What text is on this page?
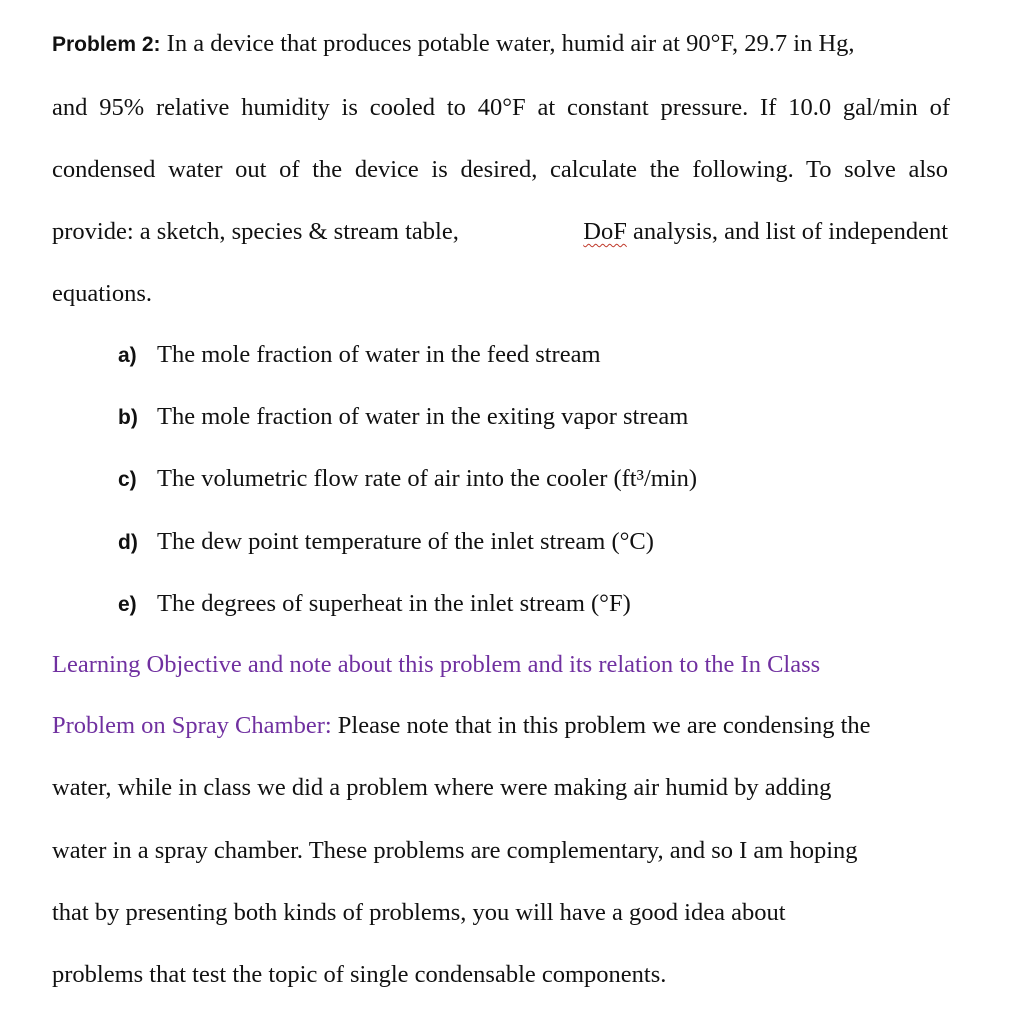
Problem 2: In a device that produces potable water, humid air at 90°F, 29.7 in Hg,
and 95% relative humidity is cooled to 40°F at constant pressure. If 10.0 gal/min of
condensed water out of the device is desired, calculate the following. To solve also
provide: a sketch, species & stream table,	DoF analysis, and list of independent
equations.
a) The mole fraction of water in the feed stream
b) The mole fraction of water in the exiting vapor stream
c) The volumetric flow rate of air into the cooler (ft³/min)
d) The dew point temperature of the inlet stream (°C)
e) The degrees of superheat in the inlet stream (°F)
Learning Objective and note about this problem and its relation to the In Class
Problem on Spray Chamber: Please note that in this problem we are condensing the
water, while in class we did a problem where were making air humid by adding
water in a spray chamber. These problems are complementary, and so I am hoping
that by presenting both kinds of problems, you will have a good idea about
problems that test the topic of single condensable components.
